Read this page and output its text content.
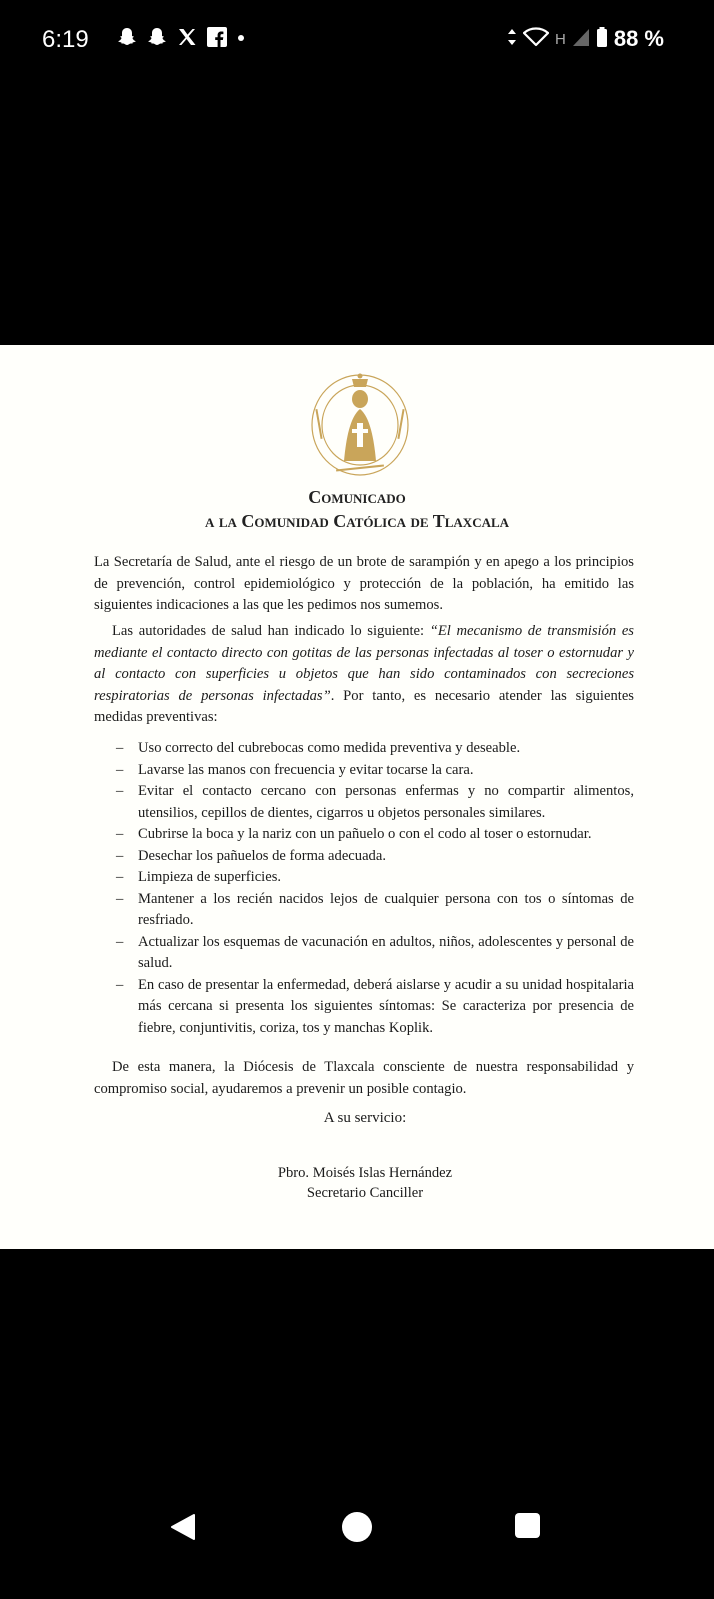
6:19	H 88 %
Comunicado
a la Comunidad Católica de Tlaxcala
La Secretaría de Salud, ante el riesgo de un brote de sarampión y en apego a los principios de prevención, control epidemiológico y protección de la población, ha emitido las siguientes indicaciones a las que les pedimos nos sumemos.
Las autoridades de salud han indicado lo siguiente: “El mecanismo de transmisión es mediante el contacto directo con gotitas de las personas infectadas al toser o estornudar y al contacto con superficies u objetos que han sido contaminados con secreciones respiratorias de personas infectadas”. Por tanto, es necesario atender las siguientes medidas preventivas:
– Uso correcto del cubrebocas como medida preventiva y deseable.
– Lavarse las manos con frecuencia y evitar tocarse la cara.
– Evitar el contacto cercano con personas enfermas y no compartir alimentos, utensilios, cepillos de dientes, cigarros u objetos personales similares.
– Cubrirse la boca y la nariz con un pañuelo o con el codo al toser o estornudar.
– Desechar los pañuelos de forma adecuada.
– Limpieza de superficies.
– Mantener a los recién nacidos lejos de cualquier persona con tos o síntomas de resfriado.
– Actualizar los esquemas de vacunación en adultos, niños, adolescentes y personal de salud.
– En caso de presentar la enfermedad, deberá aislarse y acudir a su unidad hospitalaria más cercana si presenta los siguientes síntomas: Se caracteriza por presencia de fiebre, conjuntivitis, coriza, tos y manchas Koplik.
De esta manera, la Diócesis de Tlaxcala consciente de nuestra responsabilidad y compromiso social, ayudaremos a prevenir un posible contagio.
A su servicio:
Pbro. Moisés Islas Hernández
Secretario Canciller
